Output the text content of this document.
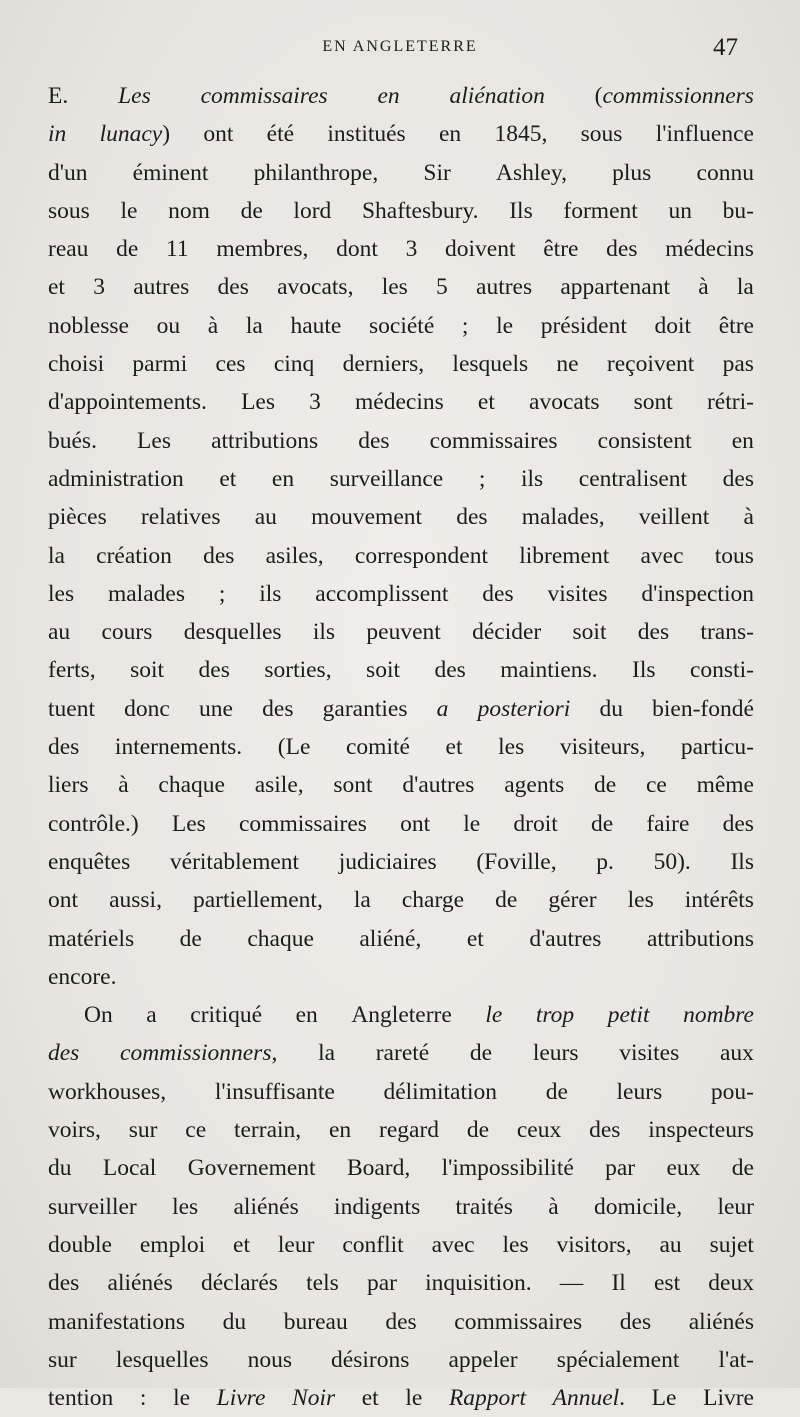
EN ANGLETERRE	47
E. Les commissaires en aliénation (commissionners
in lunacy) ont été institués en 1845, sous l'influence
d'un éminent philanthrope, Sir Ashley, plus connu
sous le nom de lord Shaftesbury. Ils forment un bu-
reau de 11 membres, dont 3 doivent être des médecins
et 3 autres des avocats, les 5 autres appartenant à la
noblesse ou à la haute société ; le président doit être
choisi parmi ces cinq derniers, lesquels ne reçoivent pas
d'appointements. Les 3 médecins et avocats sont rétri-
bués. Les attributions des commissaires consistent en
administration et en surveillance ; ils centralisent des
pièces relatives au mouvement des malades, veillent à
la création des asiles, correspondent librement avec tous
les malades ; ils accomplissent des visites d'inspection
au cours desquelles ils peuvent décider soit des trans-
ferts, soit des sorties, soit des maintiens. Ils consti-
tuent donc une des garanties a posteriori du bien-fondé
des internements. (Le comité et les visiteurs, particu-
liers à chaque asile, sont d'autres agents de ce même
contrôle.) Les commissaires ont le droit de faire des
enquêtes véritablement judiciaires (Foville, p. 50). Ils
ont aussi, partiellement, la charge de gérer les intérêts
matériels de chaque aliéné, et d'autres attributions
encore.
On a critiqué en Angleterre le trop petit nombre
des commissionners, la rareté de leurs visites aux
workhouses, l'insuffisante délimitation de leurs pou-
voirs, sur ce terrain, en regard de ceux des inspecteurs
du Local Governement Board, l'impossibilité par eux de
surveiller les aliénés indigents traités à domicile, leur
double emploi et leur conflit avec les visitors, au sujet
des aliénés déclarés tels par inquisition. — Il est deux
manifestations du bureau des commissaires des aliénés
sur lesquelles nous désirons appeler spécialement l'at-
tention : le Livre Noir et le Rapport Annuel. Le Livre
